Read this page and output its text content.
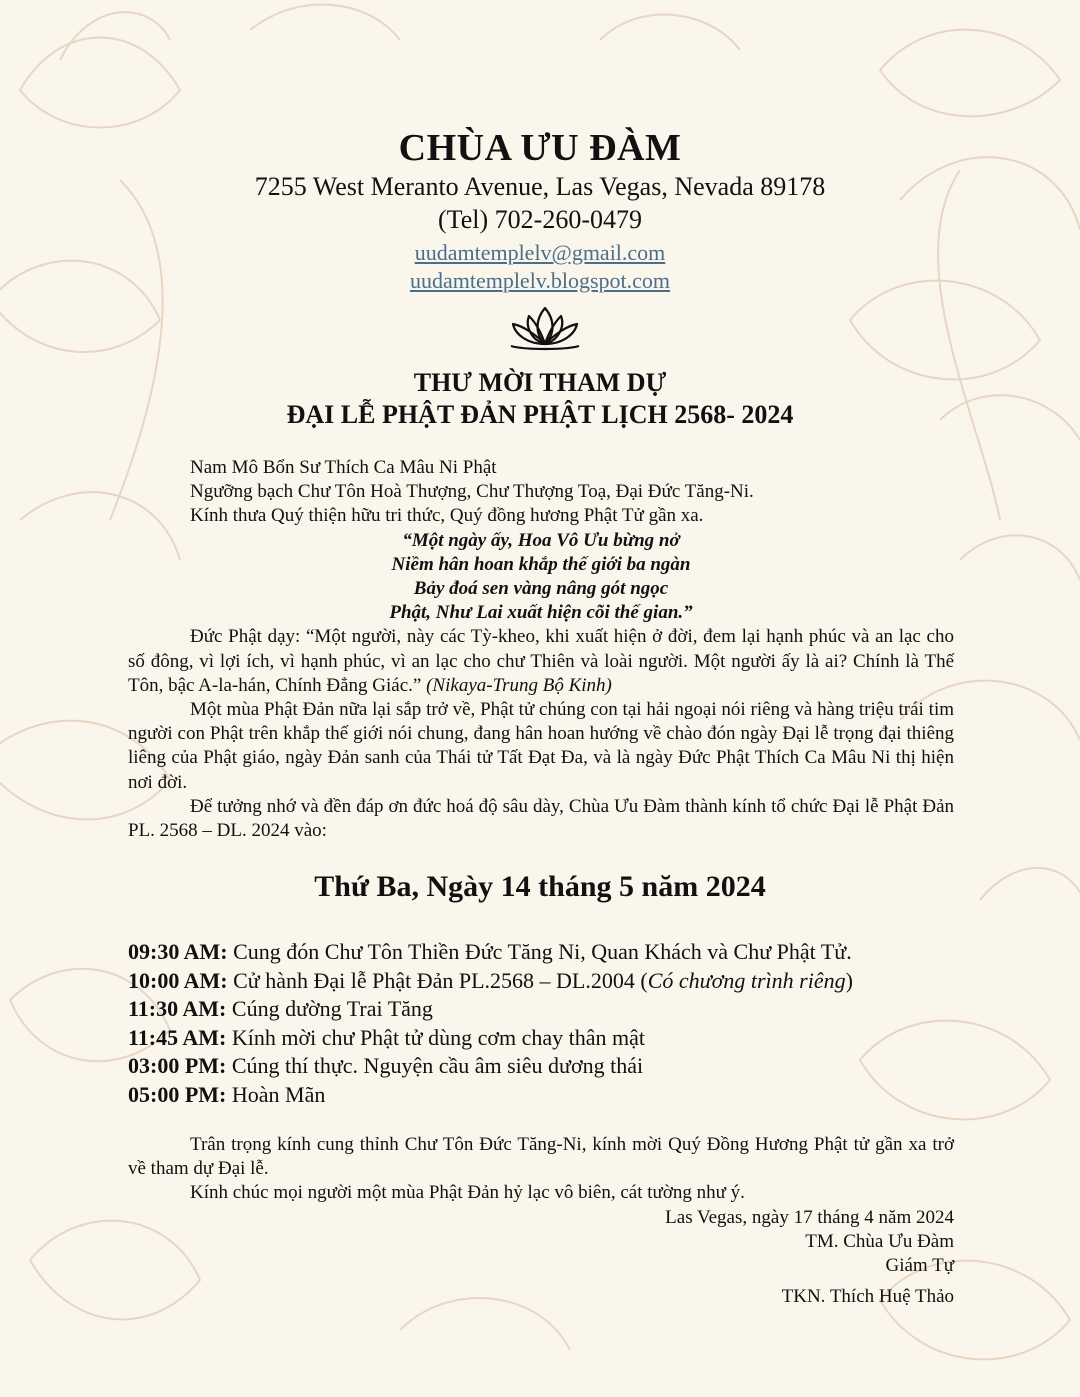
CHÙA ƯU ĐÀM
7255 West Meranto Avenue, Las Vegas, Nevada 89178
(Tel) 702-260-0479
uudamtemplelv@gmail.com
uudamtemplelv.blogspot.com
THƯ MỜI THAM DỰ
ĐẠI LỄ PHẬT ĐẢN PHẬT LỊCH 2568- 2024

Nam Mô Bổn Sư Thích Ca Mâu Ni Phật

Ngưỡng bạch Chư Tôn Hoà Thượng, Chư Thượng Toạ, Đại Đức Tăng-Ni.

Kính thưa Quý thiện hữu tri thức, Quý đồng hương Phật Tử gần xa.

“Một ngày ấy, Hoa Vô Ưu bừng nở

Niềm hân hoan khắp thế giới ba ngàn

Bảy đoá sen vàng nâng gót ngọc

Phật, Như Lai xuất hiện cõi thế gian.”

Đức Phật dạy: “Một người, này các Tỳ-kheo, khi xuất hiện ở đời, đem lại hạnh phúc và an lạc cho số đông, vì lợi ích, vì hạnh phúc, vì an lạc cho chư Thiên và loài người. Một người ấy là ai? Chính là Thế Tôn, bậc A-la-hán, Chính Đẳng Giác.” (Nikaya-Trung Bộ Kinh)

Một mùa Phật Đản nữa lại sắp trở về, Phật tử chúng con tại hải ngoại nói riêng và hàng triệu trái tim người con Phật trên khắp thế giới nói chung, đang hân hoan hướng về chào đón ngày Đại lễ trọng đại thiêng liêng của Phật giáo, ngày Đản sanh của Thái tử Tất Đạt Đa, và là ngày Đức Phật Thích Ca Mâu Ni thị hiện nơi đời.

Để tưởng nhớ và đền đáp ơn đức hoá độ sâu dày, Chùa Ưu Đàm thành kính tổ chức Đại lễ Phật Đản PL. 2568 – DL. 2024 vào:

Thứ Ba, Ngày 14 tháng 5 năm 2024
09:30 AM: Cung đón Chư Tôn Thiền Đức Tăng Ni, Quan Khách và Chư Phật Tử.
10:00 AM: Cử hành Đại lễ Phật Đản PL.2568 – DL.2004 (Có chương trình riêng)
11:30 AM: Cúng dường Trai Tăng
11:45 AM: Kính mời chư Phật tử dùng cơm chay thân mật
03:00 PM: Cúng thí thực. Nguyện cầu âm siêu dương thái
05:00 PM: Hoàn Mãn

Trân trọng kính cung thỉnh Chư Tôn Đức Tăng-Ni, kính mời Quý Đồng Hương Phật tử gần xa trở về tham dự Đại lễ.

Kính chúc mọi người một mùa Phật Đản hỷ lạc vô biên, cát tường như ý.

Las Vegas, ngày 17 tháng 4 năm 2024
TM. Chùa Ưu Đàm
Giám Tự
TKN. Thích Huệ Thảo
